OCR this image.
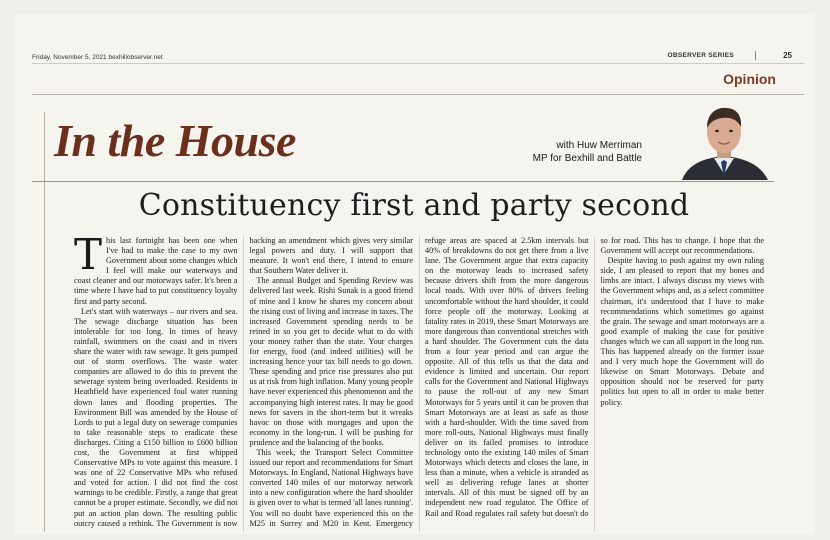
Friday, November 5, 2021 bexhillobserver.net	OBSERVER SERIES	25
Opinion
In the House	with Huw Merriman
MP for Bexhill and Battle
Constituency first and party second

This last fortnight has been one when I've had to make the case to my own Government about some changes which I feel will make our waterways and coast cleaner and our motorways safer. It's been a time where I have had to put constituency loyalty first and party second.

Let's start with waterways – our rivers and sea. The sewage discharge situation has been intolerable for too long. In times of heavy rainfall, swimmers on the coast and in rivers share the water with raw sewage. It gets pumped out of storm overflows. The waste water companies are allowed to do this to prevent the sewerage system being overloaded. Residents in Heathfield have experienced foul water running down lanes and flooding properties. The Environment Bill was amended by the House of Lords to put a legal duty on sewerage companies to take reasonable steps to eradicate these discharges. Citing a £150 billion to £600 billion cost, the Government at first whipped Conservative MPs to vote against this measure. I was one of 22 Conservative MPs who refused and voted for action. I did not find the cost warnings to be credible. Firstly, a range that great cannot be a proper estimate. Secondly, we did not put an action plan down. The resulting public outcry caused a rethink. The Government is now backing an amendment which gives very similar legal powers and duty. I will support that measure. It won't end there, I intend to ensure that Southern Water deliver it.

The annual Budget and Spending Review was delivered last week. Rishi Sunak is a good friend of mine and I know he shares my concern about the rising cost of living and increase in taxes. The increased Government spending needs to be reined in so you get to decide what to do with your money rather than the state. Your charges for energy, food (and indeed utilities) will be increasing hence your tax bill needs to go down. These spending and price rise pressures also put us at risk from high inflation. Many young people have never experienced this phenomenon and the accompanying high interest rates. It may be good news for savers in the short-term but it wreaks havoc on those with mortgages and upon the economy in the long-run. I will be pushing for prudence and the balancing of the books.

This week, the Transport Select Committee issued our report and recommendations for Smart Motorways. In England, National Highways have converted 140 miles of our motorway network into a new configuration where the hard shoulder is given over to what is termed 'all lanes running'. You will no doubt have experienced this on the M25 in Surrey and M20 in Kent. Emergency refuge areas are spaced at 2.5km intervals but 40% of breakdowns do not get there from a live lane. The Government argue that extra capacity on the motorway leads to increased safety because drivers shift from the more dangerous local roads. With over 80% of drivers feeling uncomfortable without the hard shoulder, it could force people off the motorway. Looking at fatality rates in 2019, these Smart Motorways are more dangerous than conventional stretches with a hard shoulder. The Government cuts the data from a four year period and can argue the opposite. All of this tells us that the data and evidence is limited and uncertain. Our report calls for the Government and National Highways to pause the roll-out of any new Smart Motorways for 5 years until it can be proven that Smart Motorways are at least as safe as those with a hard-shoulder. With the time saved from more roll-outs, National Highways must finally deliver on its failed promises to introduce technology onto the existing 140 miles of Smart Motorways which detects and closes the lane, in less than a minute, when a vehicle is stranded as well as delivering refuge lanes at shorter intervals. All of this must be signed off by an independent new road regulator. The Office of Rail and Road regulates rail safety but doesn't do so for road. This has to change. I hope that the Government will accept our recommendations.

Despite having to push against my own ruling side, I am pleased to report that my bones and limbs are intact. I always discuss my views with the Government whips and, as a select committee chairman, it's understood that I have to make recommendations which sometimes go against the grain. The sewage and smart motorways are a good example of making the case for positive changes which we can all support in the long run. This has happened already on the former issue and I very much hope the Government will do likewise on Smart Motorways. Debate and opposition should not be reserved for party politics but open to all in order to make better policy.
